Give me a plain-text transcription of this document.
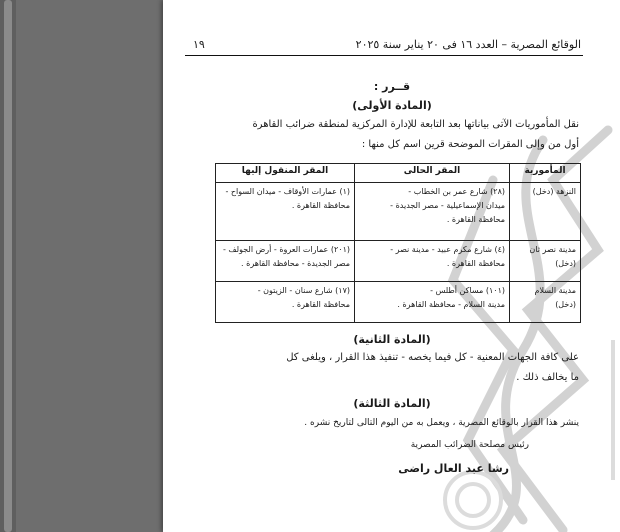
الوقائع المصرية – العدد ١٦ فى ٢٠ يناير سنة ٢٠٢٥
١٩
قــرر :
(المادة الأولى)
نقل المأموريات الآتى بياناتها بعد التابعة للإدارة المركزية لمنطقة ضرائب القاهرة
أول من وإلى المقرات الموضحة قرين اسم كل منها :
المأمورية	المقر الحالى	المقر المنقول إليها

النزهة (دخل)	(٢٨) شارع عمر بن الخطاب -
ميدان الإسماعيلية - مصر الجديدة -
محافظة القاهرة .	(١) عمارات الأوقاف - ميدان السواح -
محافظة القاهرة .

مدينة نصر ثان (دخل)	(٤) شارع مكرم عبيد - مدينة نصر -
محافظة القاهرة .	(٢٠١) عمارات العروة - أرض الجولف -
مصر الجديدة - محافظة القاهرة .

مدينة السلام (دخل)	(١٠١) مساكن أطلس -
مدينة السلام - محافظة القاهرة .	(١٧) شارع سنان - الزيتون -
محافظة القاهرة .
(المادة الثانية)
على كافة الجهات المعنية - كل فيما يخصه - تنفيذ هذا القرار ، ويلغى كل
ما يخالف ذلك .
(المادة الثالثة)
ينشر هذا القرار بالوقائع المصرية ، ويعمل به من اليوم التالى لتاريخ نشره .
رئيس مصلحة الضرائب المصرية
رشا عبد العال راضى
